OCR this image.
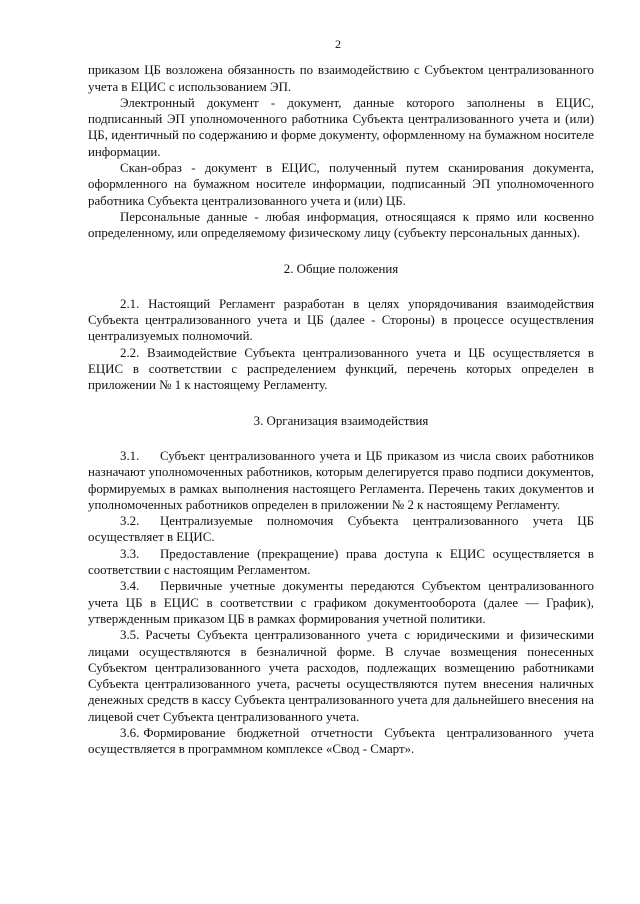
2

приказом ЦБ возложена обязанность по взаимодействию с Субъектом централизованного учета в ЕЦИС с использованием ЭП.

Электронный документ - документ, данные которого заполнены в ЕЦИС, подписанный ЭП уполномоченного работника Субъекта централизованного учета и (или) ЦБ, идентичный по содержанию и форме документу, оформленному на бумажном носителе информации.

Скан-образ - документ в ЕЦИС, полученный путем сканирования документа, оформленного на бумажном носителе информации, подписанный ЭП уполномоченного работника Субъекта централизованного учета и (или) ЦБ.

Персональные данные - любая информация, относящаяся к прямо или косвенно определенному, или определяемому физическому лицу (субъекту персональных данных).

2. Общие положения

2.1. Настоящий Регламент разработан в целях упорядочивания взаимодействия Субъекта централизованного учета и ЦБ (далее - Стороны) в процессе осуществления централизуемых полномочий.

2.2. Взаимодействие Субъекта централизованного учета и ЦБ осуществляется в ЕЦИС в соответствии с распределением функций, перечень которых определен в приложении № 1 к настоящему Регламенту.

3. Организация взаимодействия

3.1. Субъект централизованного учета и ЦБ приказом из числа своих работников назначают уполномоченных работников, которым делегируется право подписи документов, формируемых в рамках выполнения настоящего Регламента. Перечень таких документов и уполномоченных работников определен в приложении № 2 к настоящему Регламенту.

3.2. Централизуемые полномочия Субъекта централизованного учета ЦБ осуществляет в ЕЦИС.

3.3. Предоставление (прекращение) права доступа к ЕЦИС осуществляется в соответствии с настоящим Регламентом.

3.4. Первичные учетные документы передаются Субъектом централизованного учета ЦБ в ЕЦИС в соответствии с графиком документооборота (далее — График), утвержденным приказом ЦБ в рамках формирования учетной политики.

3.5. Расчеты Субъекта централизованного учета с юридическими и физическими лицами осуществляются в безналичной форме. В случае возмещения понесенных Субъектом централизованного учета расходов, подлежащих возмещению работниками Субъекта централизованного учета, расчеты осуществляются путем внесения наличных денежных средств в кассу Субъекта централизованного учета для дальнейшего внесения на лицевой счет Субъекта централизованного учета.

3.6. Формирование бюджетной отчетности Субъекта централизованного учета осуществляется в программном комплексе «Свод - Смарт».
